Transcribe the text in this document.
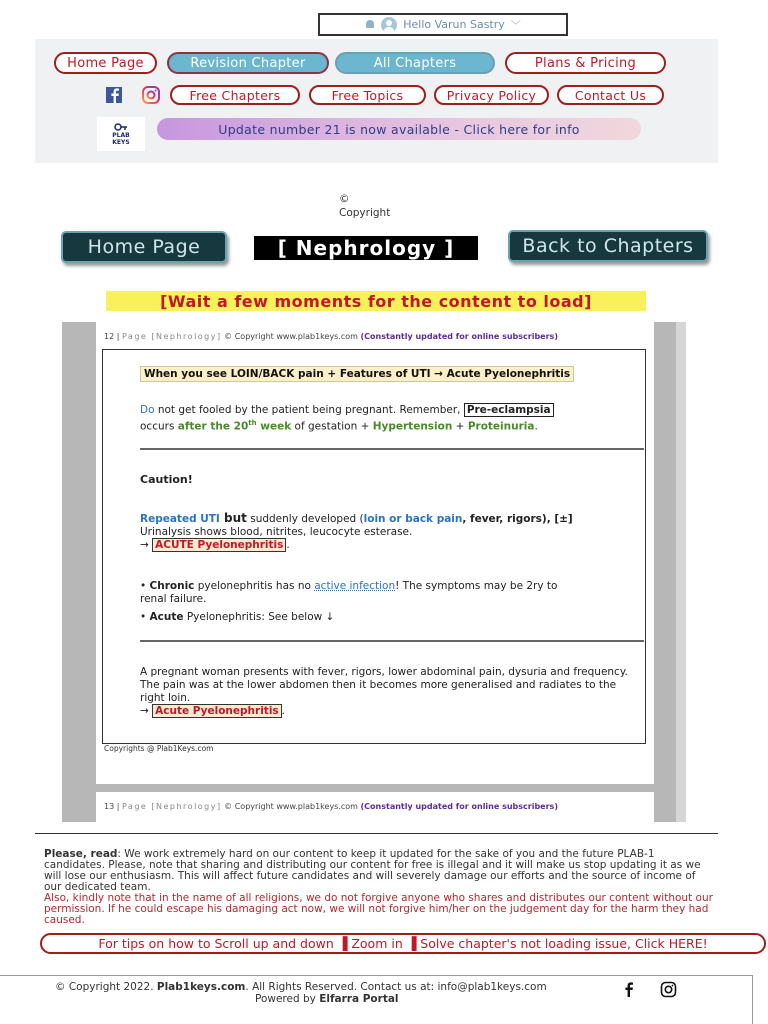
Hello Varun Sastry ﹀
Home Page	Revision Chapter	All Chapters	Plans & Pricing
Free Chapters	Free Topics	Privacy Policy	Contact Us
PLAB
KEYS
Update number 21 is now available - Click here for info
©
Copyright
Home Page	[ Nephrology ]	Back to Chapters
[Wait a few moments for the content to load]
12 | Page [Nephrology] © Copyright www.plab1keys.com (Constantly updated for online subscribers)
When you see LOIN/BACK pain + Features of UTI → Acute Pyelonephritis
Do not get fooled by the patient being pregnant. Remember, Pre-eclampsia
occurs after the 20th week of gestation + Hypertension + Proteinuria.
Caution!
Repeated UTI but suddenly developed (loin or back pain, fever, rigors), [±]
Urinalysis shows blood, nitrites, leucocyte esterase.
→ ACUTE Pyelonephritis .
• Chronic pyelonephritis has no active infection! The symptoms may be 2ry to
renal failure.
• Acute Pyelonephritis: See below ↓
A pregnant woman presents with fever, rigors, lower abdominal pain, dysuria and frequency. The pain was at the lower abdomen then it becomes more generalised and radiates to the right loin.
→ Acute Pyelonephritis .
Copyrights @ Plab1Keys.com
13 | Page [Nephrology] © Copyright www.plab1keys.com (Constantly updated for online subscribers)
Please, read: We work extremely hard on our content to keep it updated for the sake of you and the future PLAB-1 candidates. Please, note that sharing and distributing our content for free is illegal and it will make us stop updating it as we will lose our enthusiasm. This will affect future candidates and will severely damage our efforts and the source of income of our dedicated team.
Also, kindly note that in the name of all religions, we do not forgive anyone who shares and distributes our content without our permission. If he could escape his damaging act now, we will not forgive him/her on the judgement day for the harm they had caused.
For tips on how to Scroll up and down ▐ Zoom in ▐ Solve chapter's not loading issue, Click HERE!
© Copyright 2022. Plab1keys.com. All Rights Reserved. Contact us at: info@plab1keys.com
Powered by Elfarra Portal
